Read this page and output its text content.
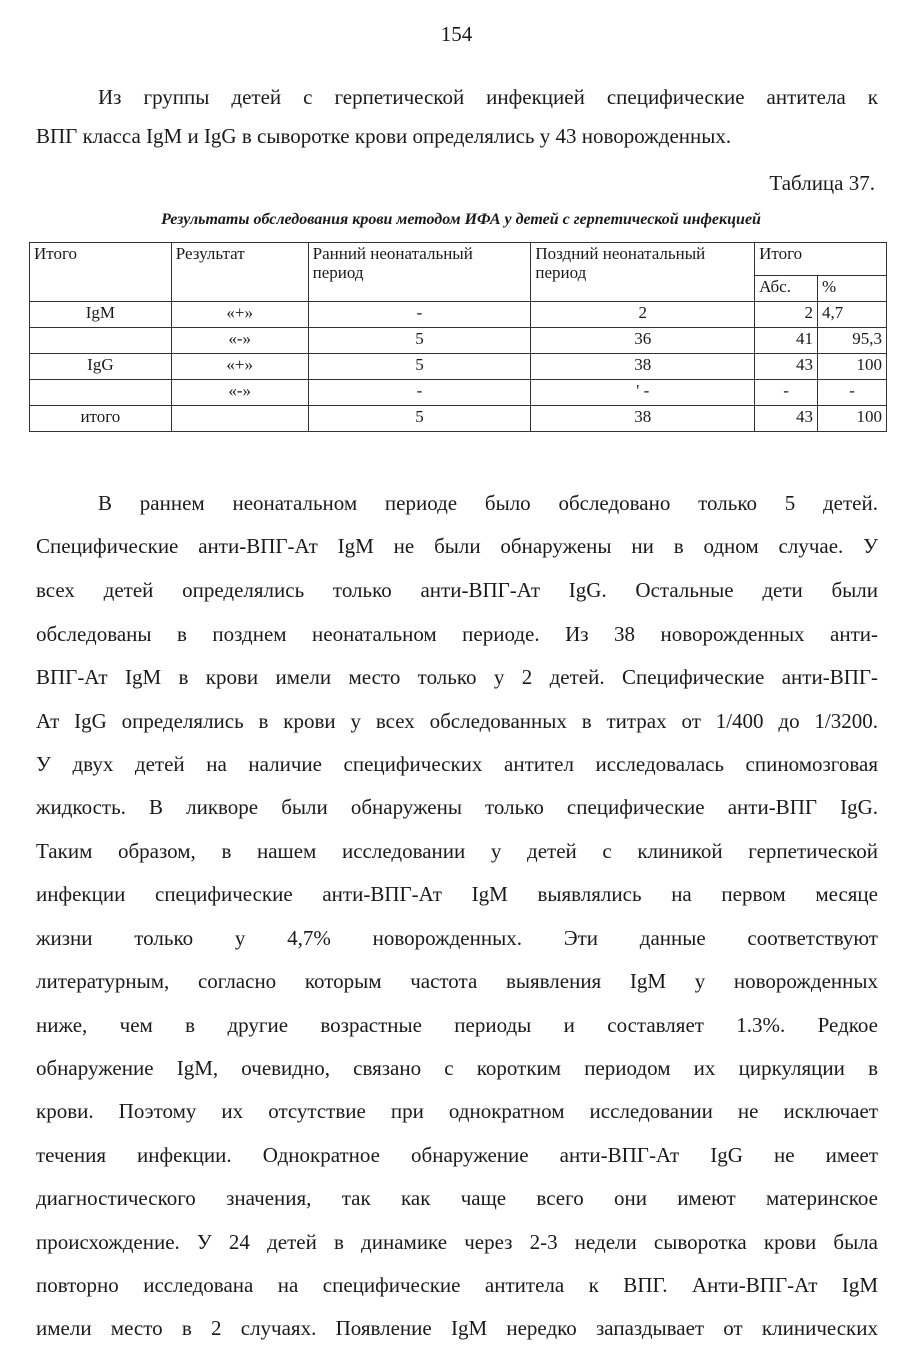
154
Из группы детей с герпетической инфекцией специфические антитела к
ВПГ класса IgM и IgG в сыворотке крови определялись у 43 новорожденных.
Таблица 37.
Результаты обследования крови методом ИФА у детей с герпетической инфекцией
Итого	Результат	Ранний неонатальный период	Поздний неонатальный период	Итого	
				Абс.	%
IgM	«+»	-	2	2	4,7
	«-»	5	36	41	95,3
IgG	«+»	5	38	43	100
	«-»	-	' -	-	-
итого		5	38	43	100
В раннем неонатальном периоде было обследовано только 5 детей.
Специфические анти-ВПГ-Ат IgM не были обнаружены ни в одном случае. У
всех детей определялись только анти-ВПГ-Ат IgG. Остальные дети были
обследованы в позднем неонатальном периоде. Из 38 новорожденных анти-
ВПГ-Ат IgM в крови имели место только у 2 детей. Специфические анти-ВПГ-
Ат IgG определялись в крови у всех обследованных в титрах от 1/400 до 1/3200.
У двух детей на наличие специфических антител исследовалась спиномозговая
жидкость. В ликворе были обнаружены только специфические анти-ВПГ IgG.
Таким образом, в нашем исследовании у детей с клиникой герпетической
инфекции специфические анти-ВПГ-Ат IgM выявлялись на первом месяце
жизни только у 4,7% новорожденных. Эти данные соответствуют
литературным, согласно которым частота выявления IgM у новорожденных
ниже, чем в другие возрастные периоды и составляет 1.3%. Редкое
обнаружение IgM, очевидно, связано с коротким периодом их циркуляции в
крови. Поэтому их отсутствие при однократном исследовании не исключает
течения инфекции. Однократное обнаружение анти-ВПГ-Ат IgG не имеет
диагностического значения, так как чаще всего они имеют материнское
происхождение. У 24 детей в динамике через 2-3 недели сыворотка крови была
повторно исследована на специфические антитела к ВПГ. Анти-ВПГ-Ат IgM
имели место в 2 случаях. Появление IgM нередко запаздывает от клинических
